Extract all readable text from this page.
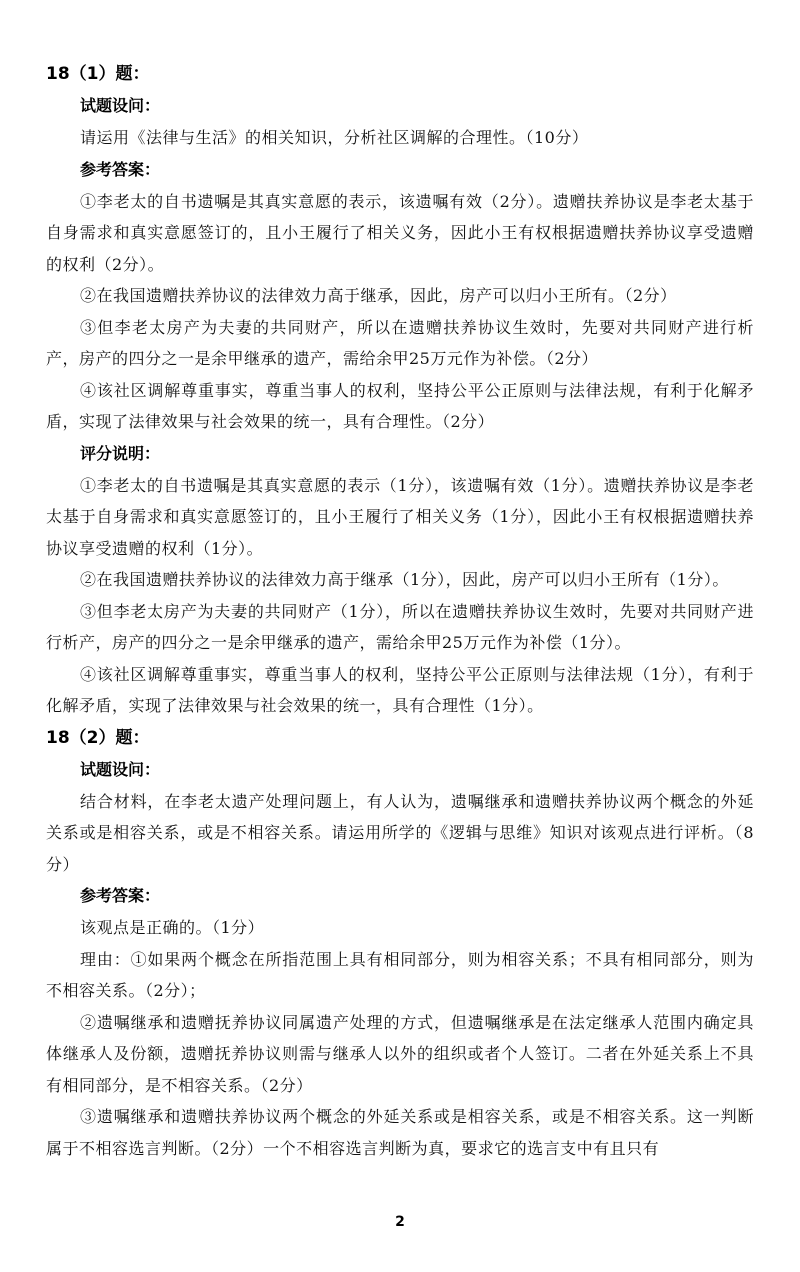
18（1）题：

试题设问：

请运用《法律与生活》的相关知识，分析社区调解的合理性。（10分）

参考答案：

①李老太的自书遗嘱是其真实意愿的表示，该遗嘱有效（2分）。遗赠扶养协议是李老太基于自身需求和真实意愿签订的，且小王履行了相关义务，因此小王有权根据遗赠扶养协议享受遗赠的权利（2分）。

②在我国遗赠扶养协议的法律效力高于继承，因此，房产可以归小王所有。（2分）

③但李老太房产为夫妻的共同财产，所以在遗赠扶养协议生效时，先要对共同财产进行析产，房产的四分之一是余甲继承的遗产，需给余甲25万元作为补偿。（2分）

④该社区调解尊重事实，尊重当事人的权利，坚持公平公正原则与法律法规，有利于化解矛盾，实现了法律效果与社会效果的统一，具有合理性。（2分）

评分说明：

①李老太的自书遗嘱是其真实意愿的表示（1分），该遗嘱有效（1分）。遗赠扶养协议是李老太基于自身需求和真实意愿签订的，且小王履行了相关义务（1分），因此小王有权根据遗赠扶养协议享受遗赠的权利（1分）。

②在我国遗赠扶养协议的法律效力高于继承（1分），因此，房产可以归小王所有（1分）。

③但李老太房产为夫妻的共同财产（1分），所以在遗赠扶养协议生效时，先要对共同财产进行析产，房产的四分之一是余甲继承的遗产，需给余甲25万元作为补偿（1分）。

④该社区调解尊重事实，尊重当事人的权利，坚持公平公正原则与法律法规（1分），有利于化解矛盾，实现了法律效果与社会效果的统一，具有合理性（1分）。

18（2）题：

试题设问：

结合材料，在李老太遗产处理问题上，有人认为，遗嘱继承和遗赠扶养协议两个概念的外延关系或是相容关系，或是不相容关系。请运用所学的《逻辑与思维》知识对该观点进行评析。（8分）

参考答案：

该观点是正确的。（1分）

理由：①如果两个概念在所指范围上具有相同部分，则为相容关系；不具有相同部分，则为不相容关系。（2分）；

②遗嘱继承和遗赠抚养协议同属遗产处理的方式，但遗嘱继承是在法定继承人范围内确定具体继承人及份额，遗赠抚养协议则需与继承人以外的组织或者个人签订。二者在外延关系上不具有相同部分，是不相容关系。（2分）

③遗嘱继承和遗赠扶养协议两个概念的外延关系或是相容关系，或是不相容关系。这一判断属于不相容选言判断。（2分）一个不相容选言判断为真，要求它的选言支中有且只有

2
